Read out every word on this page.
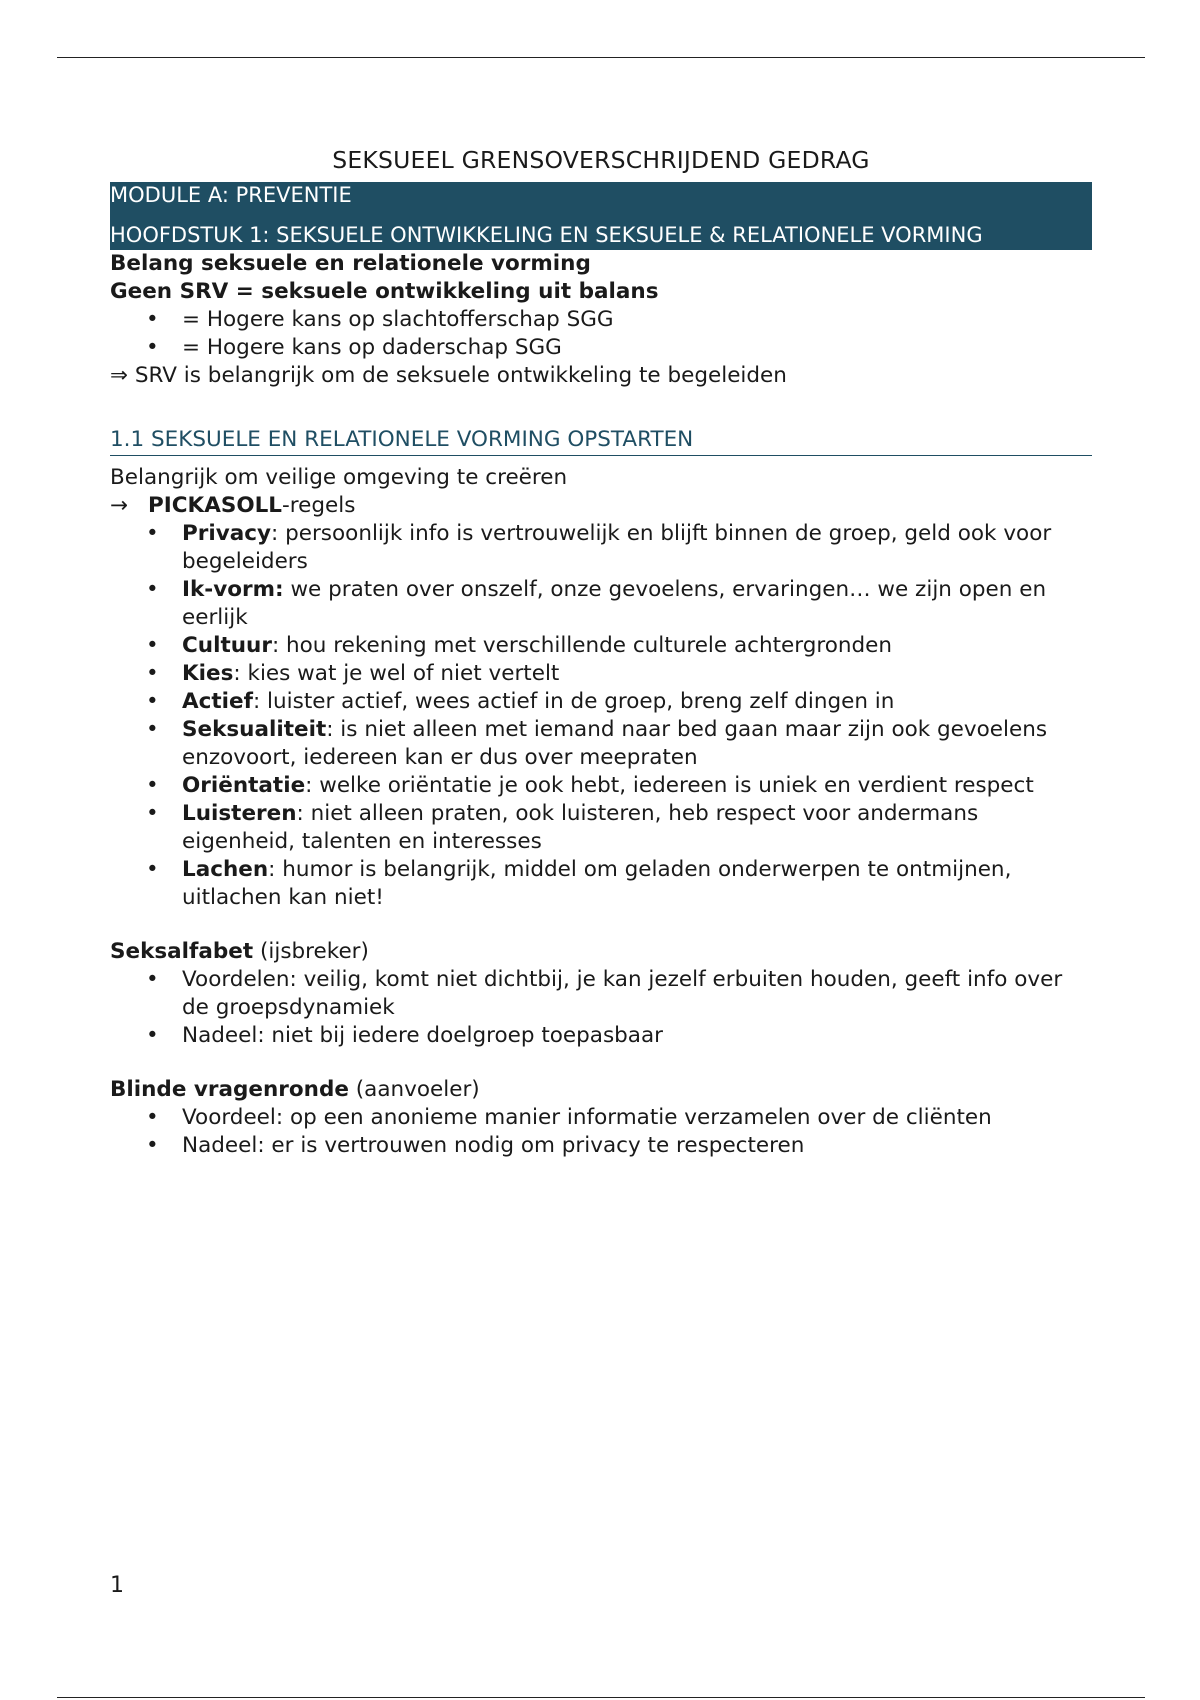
SEKSUEEL GRENSOVERSCHRIJDEND GEDRAG

MODULE A: PREVENTIE
HOOFDSTUK 1: SEKSUELE ONTWIKKELING EN SEKSUELE & RELATIONELE VORMING

Belang seksuele en relationele vorming

Geen SRV = seksuele ontwikkeling uit balans

• = Hogere kans op slachtofferschap SGG
• = Hogere kans op daderschap SGG

⇒ SRV is belangrijk om de seksuele ontwikkeling te begeleiden

1.1 SEKSUELE EN RELATIONELE VORMING OPSTARTEN

Belangrijk om veilige omgeving te creëren

→ PICKASOLL-regels

• Privacy: persoonlijk info is vertrouwelijk en blijft binnen de groep, geld ook voor begeleiders
• Ik-vorm: we praten over onszelf, onze gevoelens, ervaringen… we zijn open en eerlijk
• Cultuur: hou rekening met verschillende culturele achtergronden
• Kies: kies wat je wel of niet vertelt
• Actief: luister actief, wees actief in de groep, breng zelf dingen in
• Seksualiteit: is niet alleen met iemand naar bed gaan maar zijn ook gevoelens enzovoort, iedereen kan er dus over meepraten
• Oriëntatie: welke oriëntatie je ook hebt, iedereen is uniek en verdient respect
• Luisteren: niet alleen praten, ook luisteren, heb respect voor andermans eigenheid, talenten en interesses
• Lachen: humor is belangrijk, middel om geladen onderwerpen te ontmijnen, uitlachen kan niet!

Seksalfabet (ijsbreker)

• Voordelen: veilig, komt niet dichtbij, je kan jezelf erbuiten houden, geeft info over de groepsdynamiek
• Nadeel: niet bij iedere doelgroep toepasbaar

Blinde vragenronde (aanvoeler)

• Voordeel: op een anonieme manier informatie verzamelen over de cliënten
• Nadeel: er is vertrouwen nodig om privacy te respecteren
1
